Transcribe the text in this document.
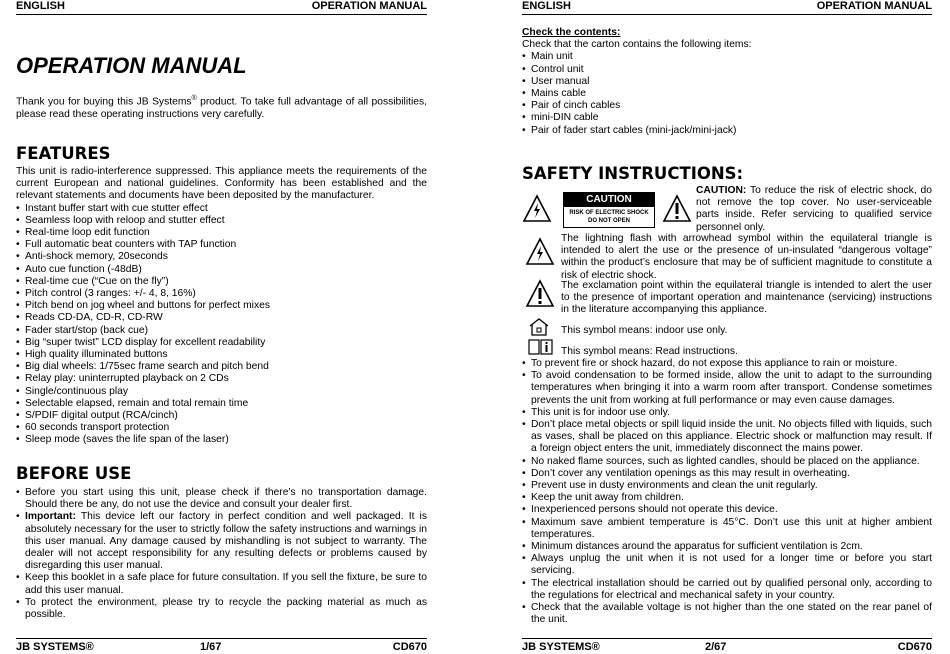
ENGLISH	OPERATION MANUAL
OPERATION MANUAL

Thank you for buying this JB Systems® product. To take full advantage of all possibilities, please read these operating instructions very carefully.

FEATURES

This unit is radio-interference suppressed. This appliance meets the requirements of the current European and national guidelines. Conformity has been established and the relevant statements and documents have been deposited by the manufacturer.

• Instant buffer start with cue stutter effect
• Seamless loop with reloop and stutter effect
• Real-time loop edit function
• Full automatic beat counters with TAP function
• Anti-shock memory, 20seconds
• Auto cue function (-48dB)
• Real-time cue (“Cue on the fly”)
• Pitch control (3 ranges: +/- 4, 8, 16%)
• Pitch bend on jog wheel and buttons for perfect mixes
• Reads CD-DA, CD-R, CD-RW
• Fader start/stop (back cue)
• Big “super twist” LCD display for excellent readability
• High quality illuminated buttons
• Big dial wheels: 1/75sec frame search and pitch bend
• Relay play: uninterrupted playback on 2 CDs
• Single/continuous play
• Selectable elapsed, remain and total remain time
• S/PDIF digital output (RCA/cinch)
• 60 seconds transport protection
• Sleep mode (saves the life span of the laser)
BEFORE USE
• Before you start using this unit, please check if there’s no transportation damage. Should there be any, do not use the device and consult your dealer first.
• Important: This device left our factory in perfect condition and well packaged. It is absolutely necessary for the user to strictly follow the safety instructions and warnings in this user manual. Any damage caused by mishandling is not subject to warranty. The dealer will not accept responsibility for any resulting defects or problems caused by disregarding this user manual.
• Keep this booklet in a safe place for future consultation. If you sell the fixture, be sure to add this user manual.
• To protect the environment, please try to recycle the packing material as much as possible.
JB SYSTEMS®	1/67	CD670
ENGLISH	OPERATION MANUAL
Check the contents:

Check that the carton contains the following items:

• Main unit
• Control unit
• User manual
• Mains cable
• Pair of cinch cables
• mini-DIN cable
• Pair of fader start cables (mini-jack/mini-jack)
SAFETY INSTRUCTIONS:
CAUTION
RISK OF ELECTRIC SHOCK
DO NOT OPEN

CAUTION: To reduce the risk of electric shock, do not remove the top cover. No user-serviceable parts inside. Refer servicing to qualified service personnel only.

The lightning flash with arrowhead symbol within the equilateral triangle is intended to alert the use or the presence of un-insulated “dangerous voltage” within the product’s enclosure that may be of sufficient magnitude to constitute a risk of electric shock.

The exclamation point within the equilateral triangle is intended to alert the user to the presence of important operation and maintenance (servicing) instructions in the literature accompanying this appliance.

This symbol means: indoor use only.

This symbol means: Read instructions.

• To prevent fire or shock hazard, do not expose this appliance to rain or moisture.
• To avoid condensation to be formed inside, allow the unit to adapt to the surrounding temperatures when bringing it into a warm room after transport. Condense sometimes prevents the unit from working at full performance or may even cause damages.
• This unit is for indoor use only.
• Don’t place metal objects or spill liquid inside the unit. No objects filled with liquids, such as vases, shall be placed on this appliance. Electric shock or malfunction may result. If a foreign object enters the unit, immediately disconnect the mains power.
• No naked flame sources, such as lighted candles, should be placed on the appliance.
• Don’t cover any ventilation openings as this may result in overheating.
• Prevent use in dusty environments and clean the unit regularly.
• Keep the unit away from children.
• Inexperienced persons should not operate this device.
• Maximum save ambient temperature is 45°C. Don’t use this unit at higher ambient temperatures.
• Minimum distances around the apparatus for sufficient ventilation is 2cm.
• Always unplug the unit when it is not used for a longer time or before you start servicing.
• The electrical installation should be carried out by qualified personal only, according to the regulations for electrical and mechanical safety in your country.
• Check that the available voltage is not higher than the one stated on the rear panel of the unit.
JB SYSTEMS®	2/67	CD670
